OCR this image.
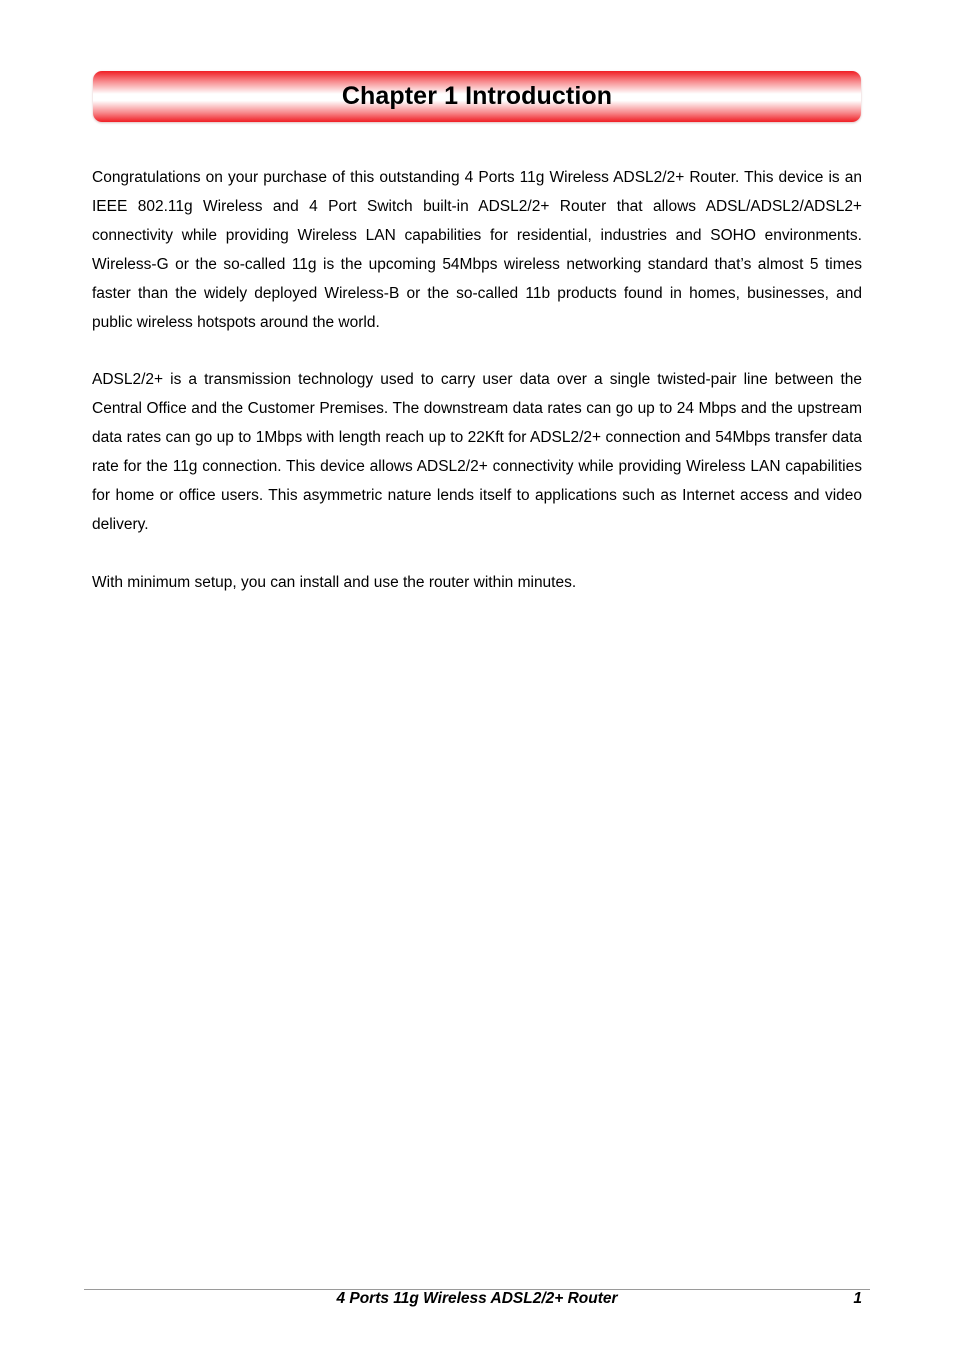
Chapter 1 Introduction

Congratulations on your purchase of this outstanding 4 Ports 11g Wireless ADSL2/2+ Router. This device is an IEEE 802.11g Wireless and 4 Port Switch built-in ADSL2/2+ Router that allows ADSL/ADSL2/ADSL2+ connectivity while providing Wireless LAN capabilities for residential, industries and SOHO environments. Wireless-G or the so-called 11g is the upcoming 54Mbps wireless networking standard that’s almost 5 times faster than the widely deployed Wireless-B or the so-called 11b products found in homes, businesses, and public wireless hotspots around the world.

ADSL2/2+ is a transmission technology used to carry user data over a single twisted-pair line between the Central Office and the Customer Premises. The downstream data rates can go up to 24 Mbps and the upstream data rates can go up to 1Mbps with length reach up to 22Kft for ADSL2/2+ connection and 54Mbps transfer data rate for the 11g connection. This device allows ADSL2/2+ connectivity while providing Wireless LAN capabilities for home or office users. This asymmetric nature lends itself to applications such as Internet access and video delivery.

With minimum setup, you can install and use the router within minutes.

4 Ports 11g Wireless ADSL2/2+ Router	1
